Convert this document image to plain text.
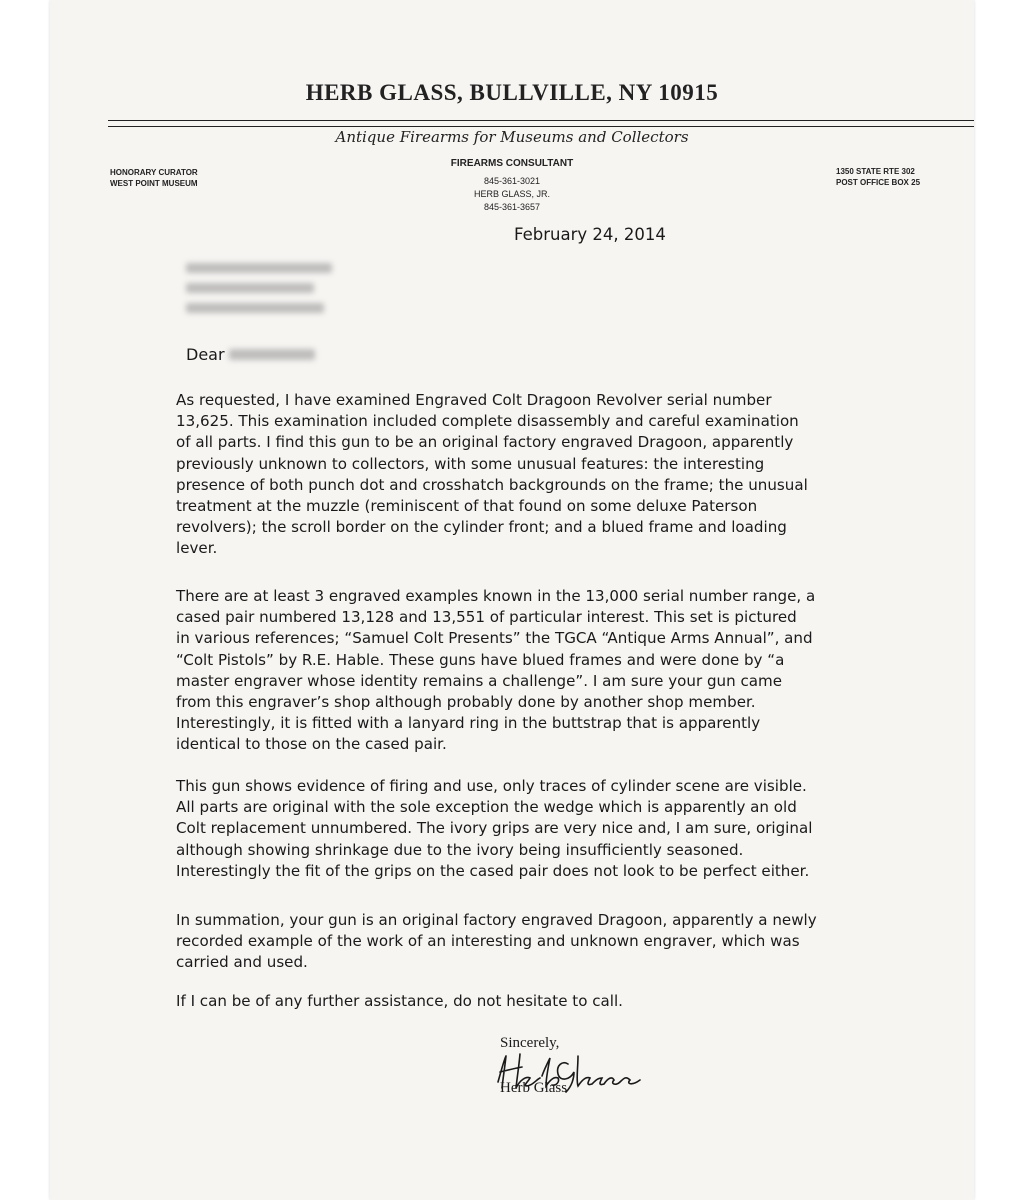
HERB GLASS, BULLVILLE, NY 10915
Antique Firearms for Museums and Collectors
HONORARY CURATOR
WEST POINT MUSEUM
FIREARMS CONSULTANT
845-361-3021
HERB GLASS, JR.
845-361-3657
1350 STATE RTE 302
POST OFFICE BOX 25
February 24, 2014
Dear
As requested, I have examined Engraved Colt Dragoon Revolver serial number
13,625. This examination included complete disassembly and careful examination
of all parts. I find this gun to be an original factory engraved Dragoon, apparently
previously unknown to collectors, with some unusual features: the interesting
presence of both punch dot and crosshatch backgrounds on the frame; the unusual
treatment at the muzzle (reminiscent of that found on some deluxe Paterson
revolvers); the scroll border on the cylinder front; and a blued frame and loading
lever.
There are at least 3 engraved examples known in the 13,000 serial number range, a
cased pair numbered 13,128 and 13,551 of particular interest. This set is pictured
in various references; “Samuel Colt Presents” the TGCA “Antique Arms Annual”, and
“Colt Pistols” by R.E. Hable. These guns have blued frames and were done by “a
master engraver whose identity remains a challenge”. I am sure your gun came
from this engraver’s shop although probably done by another shop member.
Interestingly, it is fitted with a lanyard ring in the buttstrap that is apparently
identical to those on the cased pair.
This gun shows evidence of firing and use, only traces of cylinder scene are visible.
All parts are original with the sole exception the wedge which is apparently an old
Colt replacement unnumbered. The ivory grips are very nice and, I am sure, original
although showing shrinkage due to the ivory being insufficiently seasoned.
Interestingly the fit of the grips on the cased pair does not look to be perfect either.
In summation, your gun is an original factory engraved Dragoon, apparently a newly
recorded example of the work of an interesting and unknown engraver, which was
carried and used.
If I can be of any further assistance, do not hesitate to call.
Sincerely,
Herb Glass
